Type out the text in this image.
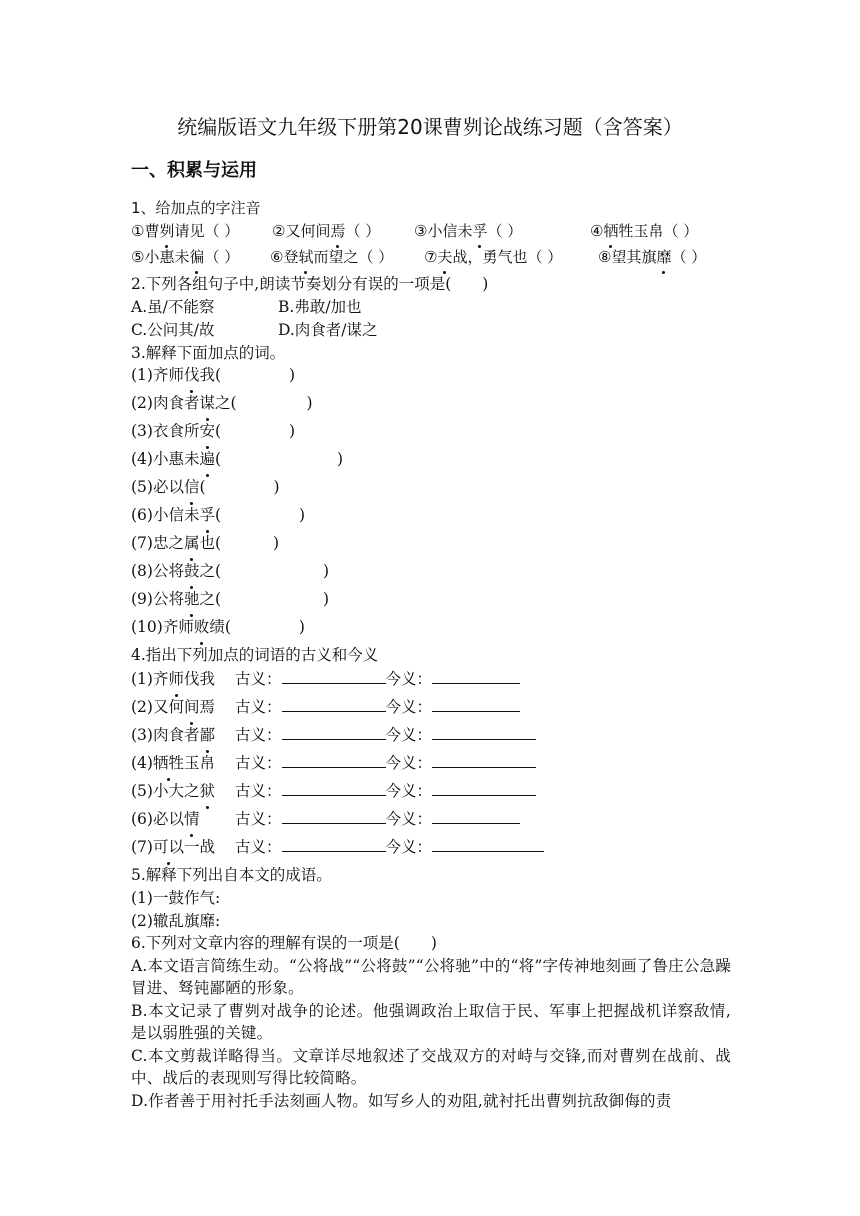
统编版语文九年级下册第20课曹刿论战练习题（含答案）
一、积累与运用
1、给加点的字注音
①曹刿请见（ ） ②又何间焉（ ） ③小信未孚（ ）	④牺牲玉帛（ ）
⑤小惠未徧（ ） ⑥登轼而望之（ ） ⑦夫战，勇气也（ ） ⑧望其旗靡（ ）
2.下列各组句子中,朗读节奏划分有误的一项是(　　)
A.虽/不能察	B.弗敢/加也
C.公问其/故	D.肉食者/谋之
3.解释下面加点的词。
(1)齐师伐我(	)
(2)肉食者谋之(	)
(3)衣食所安(	)
(4)小惠未遍(	)
(5)必以信(	)
(6)小信未孚(	)
(7)忠之属也(	)
(8)公将鼓之(	)
(9)公将驰之(	)
(10)齐师败绩(	)
4.指出下列加点的词语的古义和今义
(1)齐师伐我 古义：	今义：
(2)又何间焉 古义：	今义：
(3)肉食者鄙 古义：	今义：
(4)牺牲玉帛 古义：	今义：
(5)小大之狱 古义：	今义：
(6)必以情 古义：	今义：
(7)可以一战 古义：	今义：
5.解释下列出自本文的成语。
(1)一鼓作气:
(2)辙乱旗靡:
6.下列对文章内容的理解有误的一项是(　　)
A.本文语言简练生动。“公将战”“公将鼓”“公将驰”中的“将”字传神地刻画了鲁庄公急躁冒进、驽钝鄙陋的形象。
B.本文记录了曹刿对战争的论述。他强调政治上取信于民、军事上把握战机详察敌情,是以弱胜强的关键。
C.本文剪裁详略得当。文章详尽地叙述了交战双方的对峙与交锋,而对曹刿在战前、战中、战后的表现则写得比较简略。
D.作者善于用衬托手法刻画人物。如写乡人的劝阻,就衬托出曹刿抗敌御侮的责
